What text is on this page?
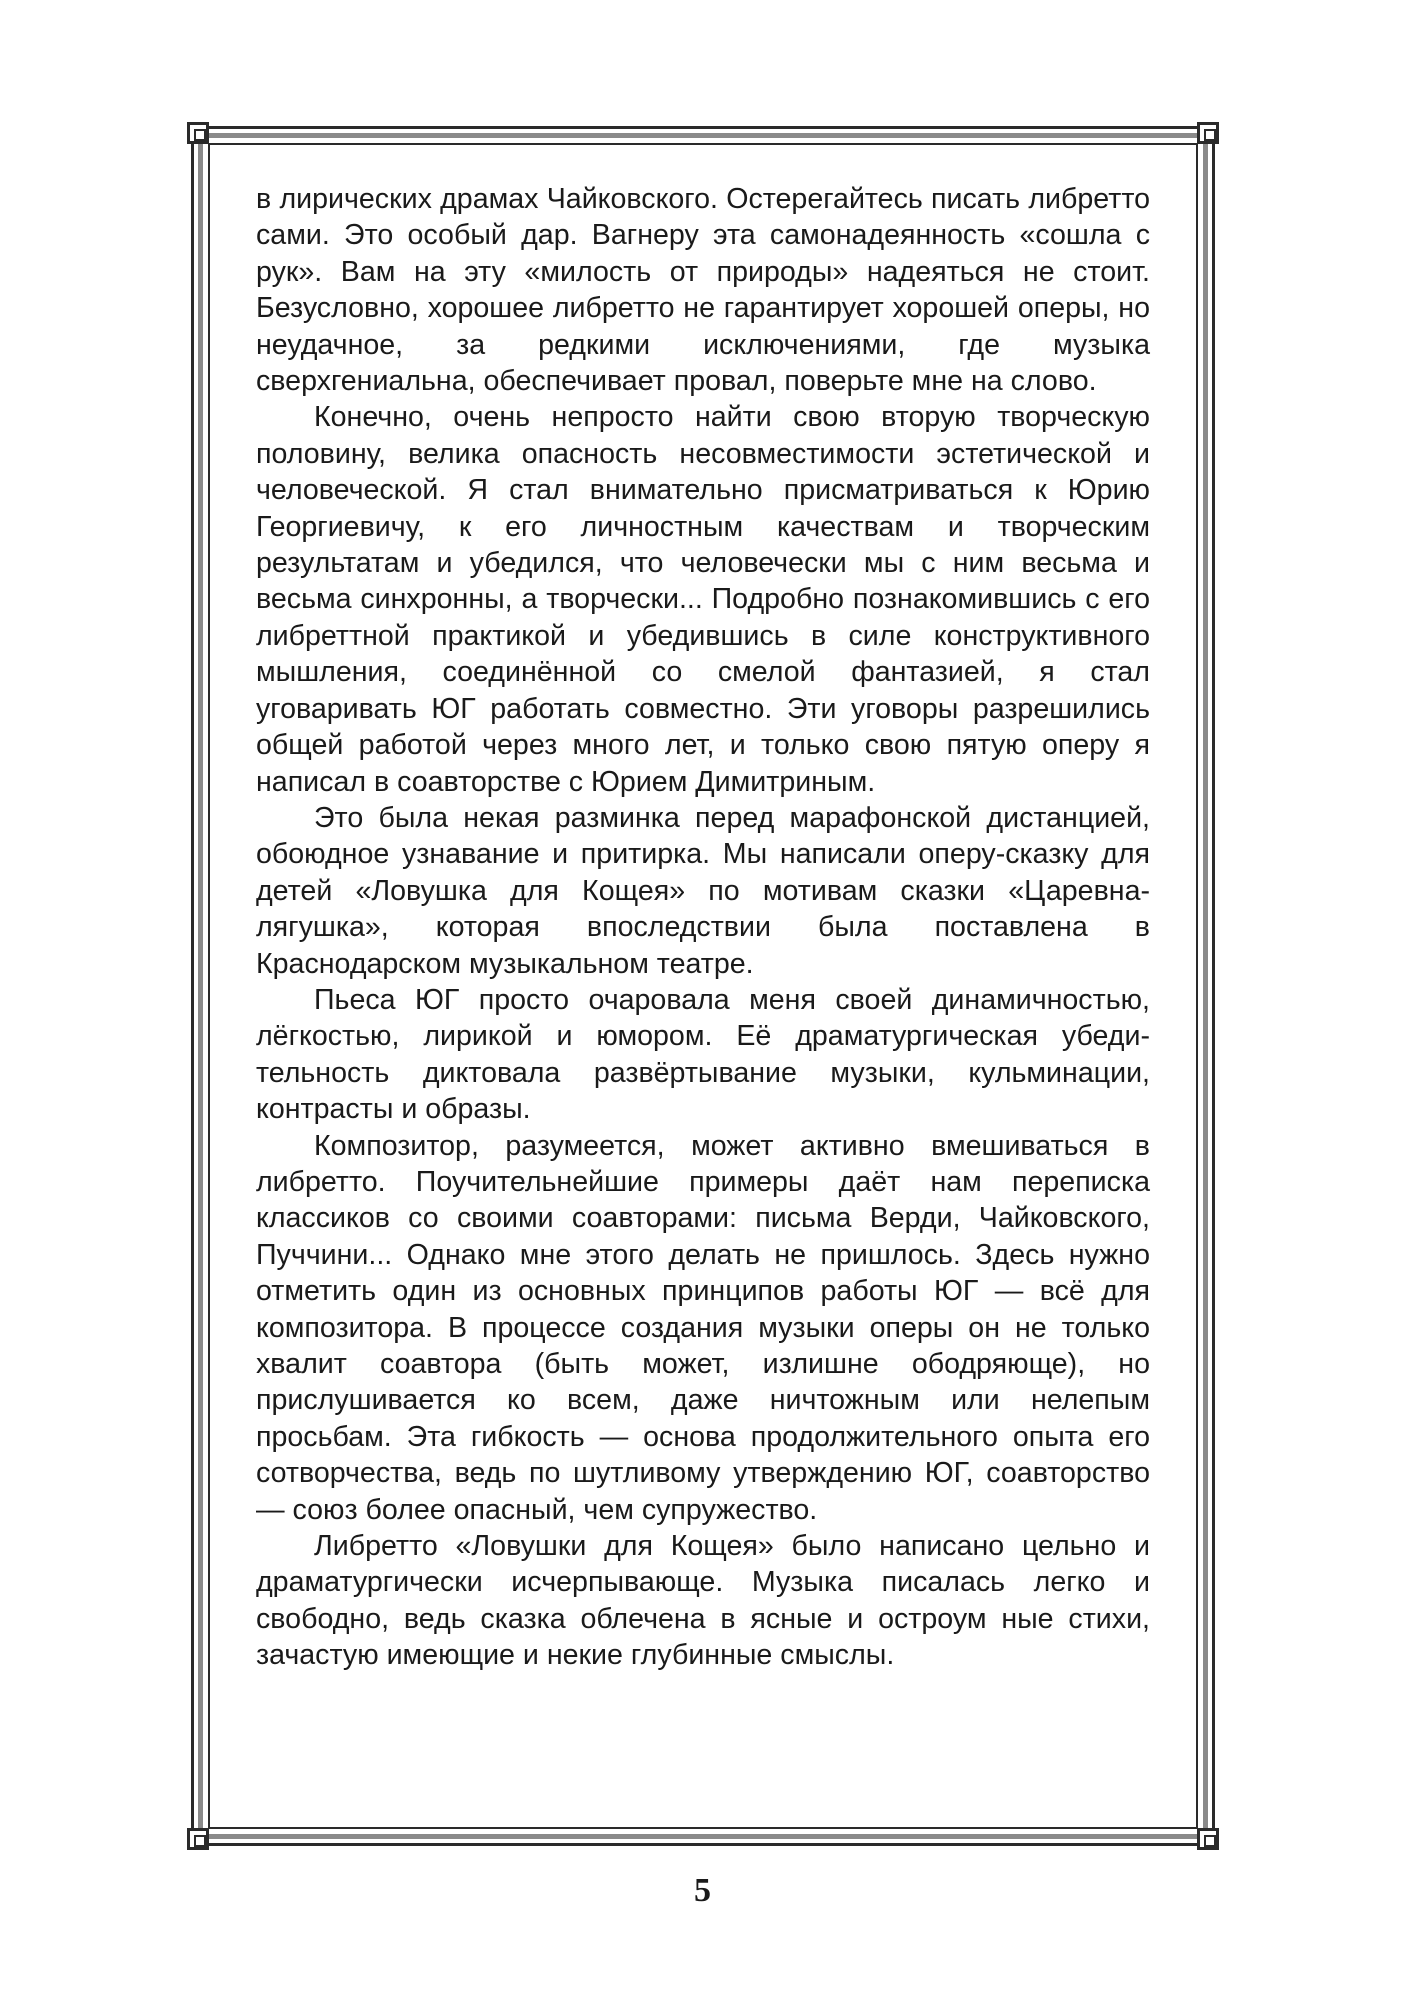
в лирических драмах Чайковского. Остерегайтесь писать либретто сами. Это особый дар. Вагнеру эта самонадеянность «сошла с рук». Вам на эту «милость от природы» надеяться не стоит. Безусловно, хорошее либретто не гарантирует хорошей оперы, но неудачное, за редкими исключениями, где музыка сверхгениальна, обеспечивает провал, поверьте мне на слово.

Конечно, очень непросто найти свою вторую творческую половину, велика опасность несовместимости эстетической и человеческой. Я стал внимательно присматриваться к Юрию Георгиевичу, к его личностным качествам и творческим результатам и убедился, что человечески мы с ним весьма и весьма синхронны, а творчески... Подробно познакомившись с его либреттной практикой и убедившись в силе конструктивного мышления, соединённой со смелой фантазией, я стал уговаривать ЮГ работать совместно. Эти уговоры разрешились общей работой через много лет, и только свою пятую оперу я написал в соавторстве с Юрием Димитриным.

Это была некая разминка перед марафонской дистанцией, обоюдное узнавание и притирка. Мы написали оперу-сказку для детей «Ловушка для Кощея» по мотивам сказки «Царевна-лягушка», которая впоследствии была поставлена в Краснодарском музыкальном театре.

Пьеса ЮГ просто очаровала меня своей динамичностью, лёгкостью, лирикой и юмором. Её драматургическая убедительность диктовала развёртывание музыки, кульминации, контрасты и образы.

Композитор, разумеется, может активно вмешиваться в либретто. Поучительнейшие примеры даёт нам переписка классиков со своими соавторами: письма Верди, Чайковского, Пуччини... Однако мне этого делать не пришлось. Здесь нужно отметить один из основных принципов работы ЮГ — всё для композитора. В процессе создания музыки оперы он не только хвалит соавтора (быть может, излишне ободряюще), но прислушивается ко всем, даже ничтожным или нелепым просьбам. Эта гибкость — основа продолжительного опыта его сотворчества, ведь по шутливому утверждению ЮГ, соавторство — союз более опасный, чем супружество.

Либретто «Ловушки для Кощея» было написано цельно и драматургически исчерпывающе. Музыка писалась легко и свободно, ведь сказка облечена в ясные и остроум ные стихи, зачастую имеющие и некие глубинные смыслы.

5
